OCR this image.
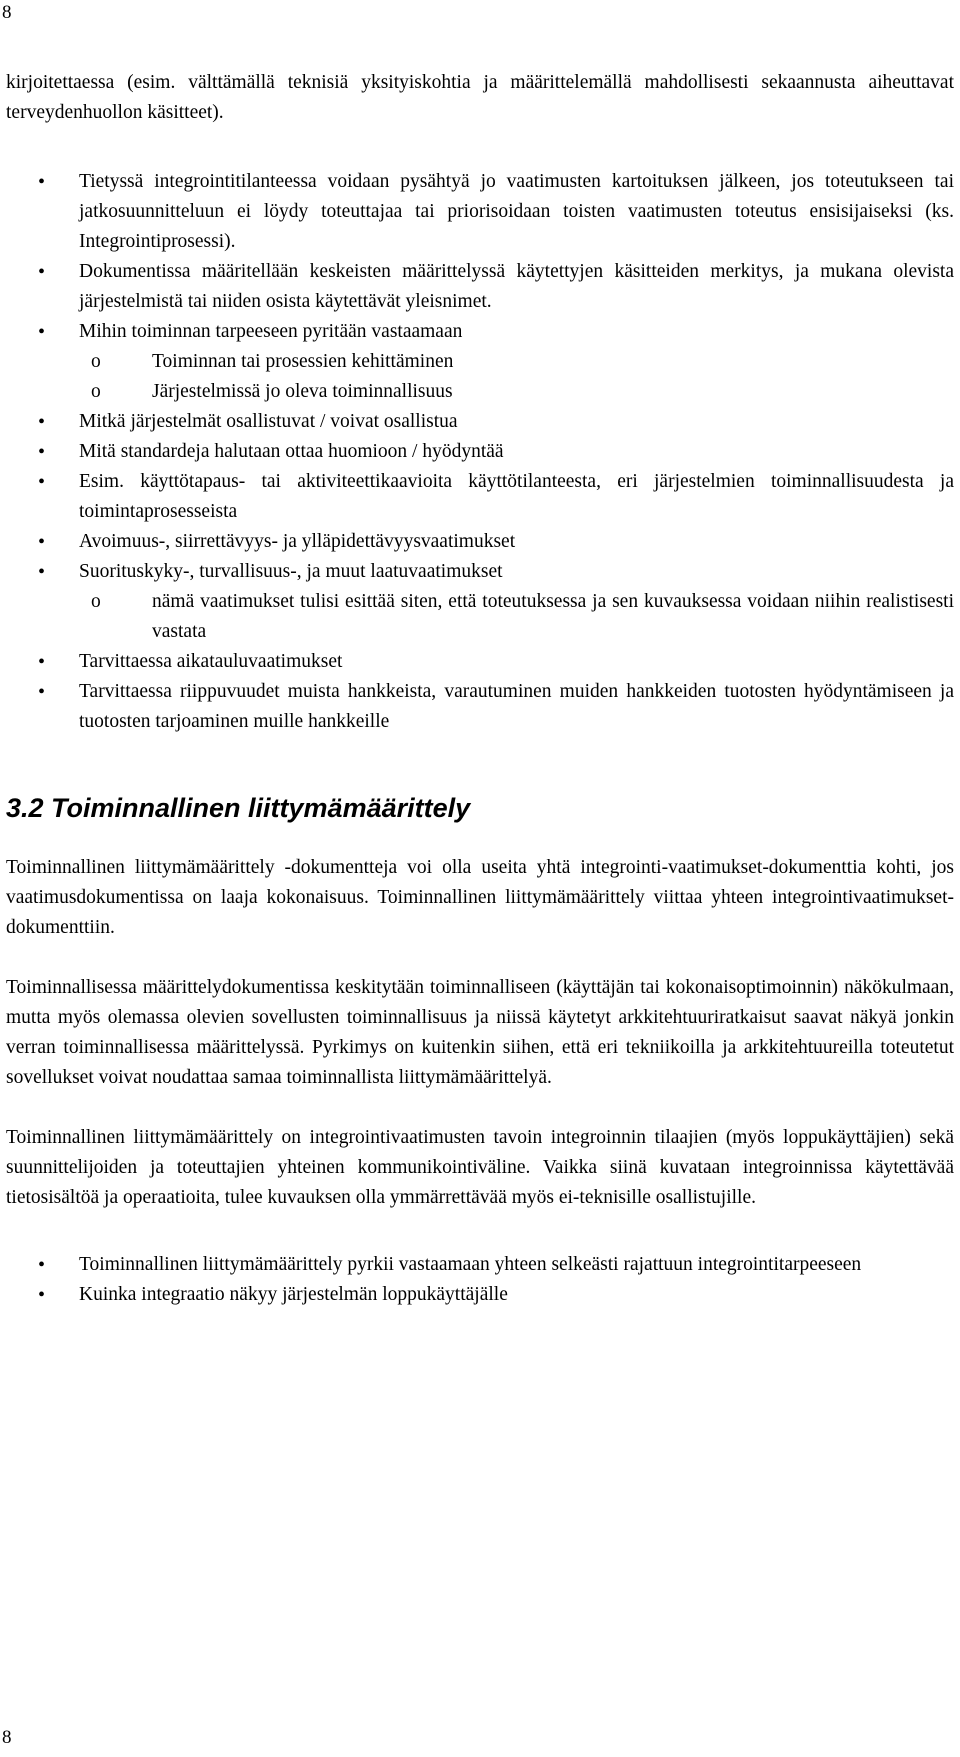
8

kirjoitettaessa (esim. välttämällä teknisiä yksityiskohtia ja määrittelemällä mahdollisesti sekaannusta aiheuttavat terveydenhuollon käsitteet).

• Tietyssä integrointitilanteessa voidaan pysähtyä jo vaatimusten kartoituksen jälkeen, jos toteutukseen tai jatkosuunnitteluun ei löydy toteuttajaa tai priorisoidaan toisten vaatimusten toteutus ensisijaiseksi (ks. Integrointiprosessi).
• Dokumentissa määritellään keskeisten määrittelyssä käytettyjen käsitteiden merkitys, ja mukana olevista järjestelmistä tai niiden osista käytettävät yleisnimet.
• Mihin toiminnan tarpeeseen pyritään vastaamaan
o	Toiminnan tai prosessien kehittäminen
o	Järjestelmissä jo oleva toiminnallisuus
• Mitkä järjestelmät osallistuvat / voivat osallistua
• Mitä standardeja halutaan ottaa huomioon / hyödyntää
• Esim. käyttötapaus- tai aktiviteettikaavioita käyttötilanteesta, eri järjestelmien toiminnallisuudesta ja toimintaprosesseista
• Avoimuus-, siirrettävyys- ja ylläpidettävyysvaatimukset
• Suorituskyky-, turvallisuus-, ja muut laatuvaatimukset
o	nämä vaatimukset tulisi esittää siten, että toteutuksessa ja sen kuvauksessa voidaan niihin realistisesti vastata
• Tarvittaessa aikatauluvaatimukset
• Tarvittaessa riippuvuudet muista hankkeista, varautuminen muiden hankkeiden tuotosten hyödyntämiseen ja tuotosten tarjoaminen muille hankkeille
3.2 Toiminnallinen liittymämäärittely

Toiminnallinen liittymämäärittely -dokumentteja voi olla useita yhtä integrointi-vaatimukset-dokumenttia kohti, jos vaatimusdokumentissa on laaja kokonaisuus. Toiminnallinen liittymämäärittely viittaa yhteen integrointivaatimukset-dokumenttiin.

Toiminnallisessa määrittelydokumentissa keskitytään toiminnalliseen (käyttäjän tai kokonaisoptimoinnin) näkökulmaan, mutta myös olemassa olevien sovellusten toiminnallisuus ja niissä käytetyt arkkitehtuuriratkaisut saavat näkyä jonkin verran toiminnallisessa määrittelyssä. Pyrkimys on kuitenkin siihen, että eri tekniikoilla ja arkkitehtuureilla toteutetut sovellukset voivat noudattaa samaa toiminnallista liittymämäärittelyä.

Toiminnallinen liittymämäärittely on integrointivaatimusten tavoin integroinnin tilaajien (myös loppukäyttäjien) sekä suunnittelijoiden ja toteuttajien yhteinen kommunikointiväline. Vaikka siinä kuvataan integroinnissa käytettävää tietosisältöä ja operaatioita, tulee kuvauksen olla ymmärrettävää myös ei-teknisille osallistujille.

• Toiminnallinen liittymämäärittely pyrkii vastaamaan yhteen selkeästi rajattuun integrointitarpeeseen
• Kuinka integraatio näkyy järjestelmän loppukäyttäjälle
8
